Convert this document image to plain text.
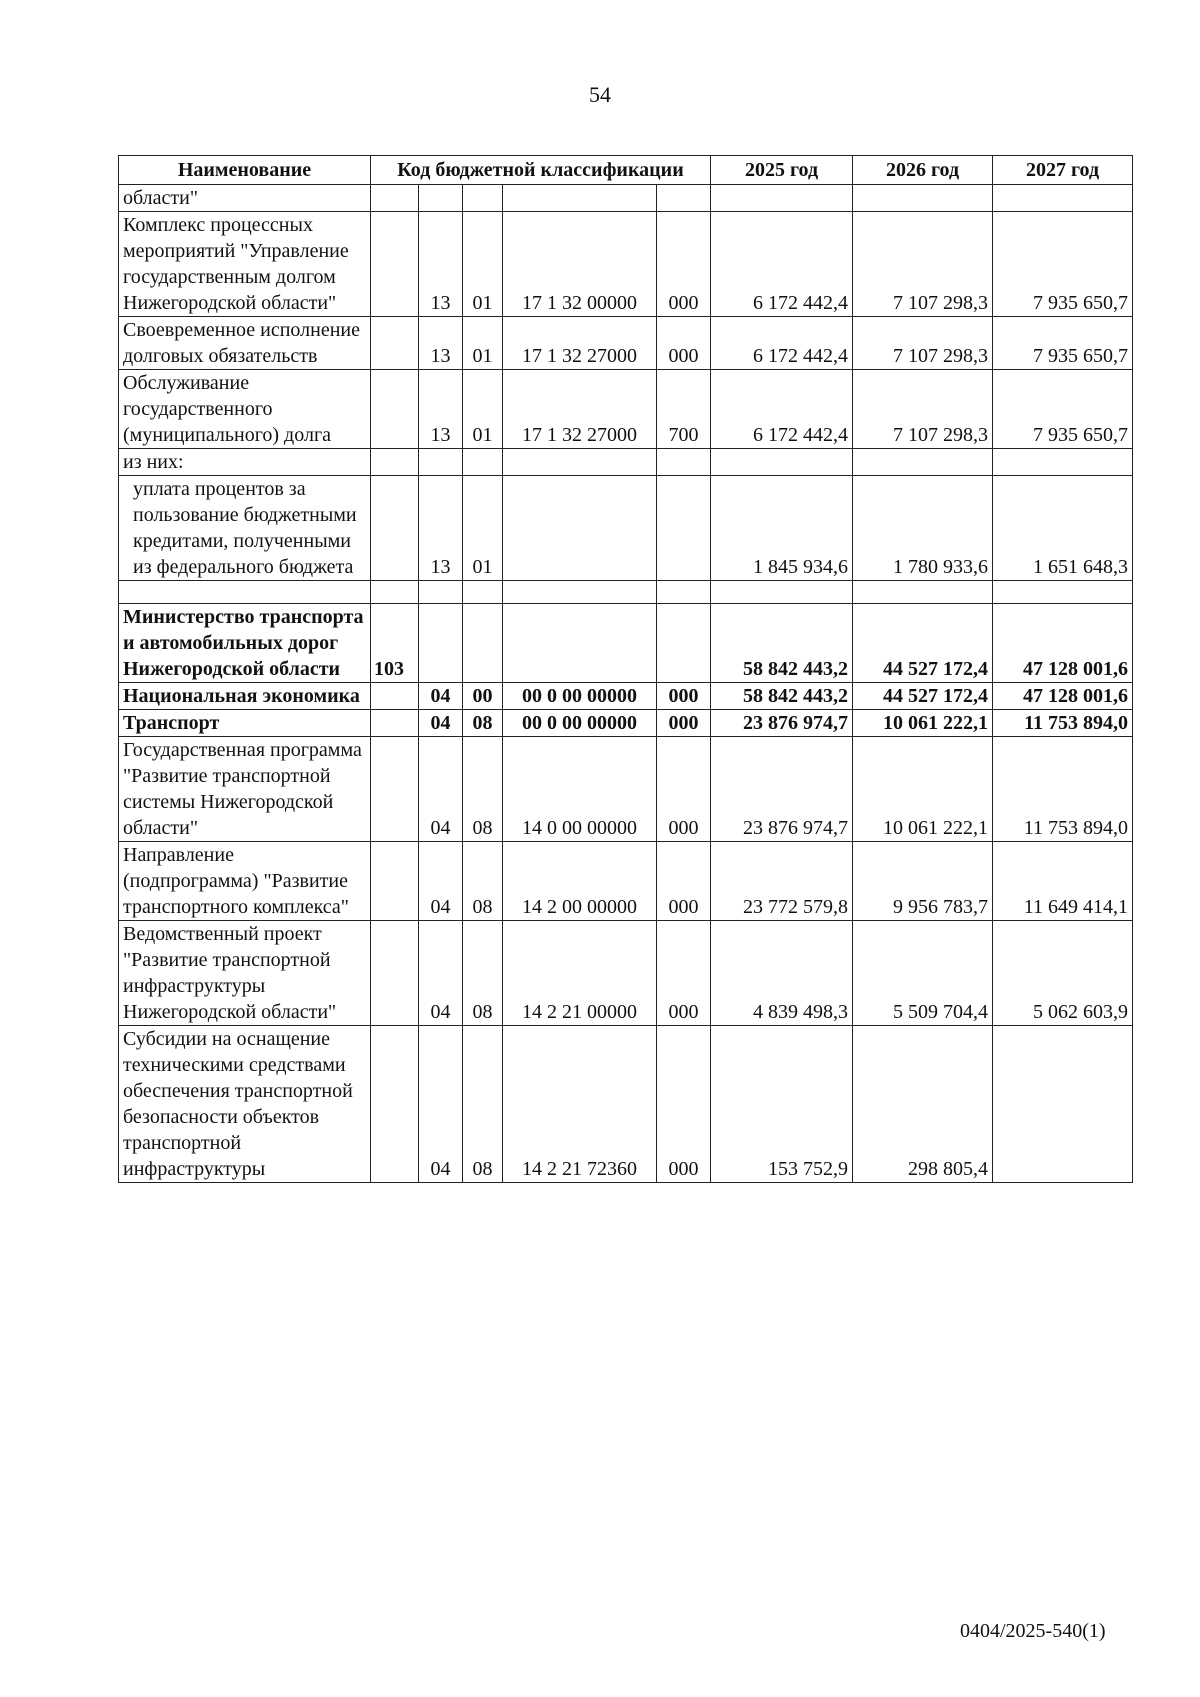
54
Наименование	Код бюджетной классификации					2025 год	2026 год	2027 год
области"								
Комплекс процессных мероприятий "Управление государственным долгом Нижегородской области"		13	01	17 1 32 00000	000	6 172 442,4	7 107 298,3	7 935 650,7
Своевременное исполнение долговых обязательств		13	01	17 1 32 27000	000	6 172 442,4	7 107 298,3	7 935 650,7
Обслуживание государственного (муниципального) долга		13	01	17 1 32 27000	700	6 172 442,4	7 107 298,3	7 935 650,7
из них:								
уплата процентов за пользование бюджетными кредитами, полученными из федерального бюджета		13	01			1 845 934,6	1 780 933,6	1 651 648,3

Министерство транспорта и автомобильных дорог Нижегородской области	103					58 842 443,2	44 527 172,4	47 128 001,6
Национальная экономика		04	00	00 0 00 00000	000	58 842 443,2	44 527 172,4	47 128 001,6
Транспорт		04	08	00 0 00 00000	000	23 876 974,7	10 061 222,1	11 753 894,0
Государственная программа "Развитие транспортной системы Нижегородской области"		04	08	14 0 00 00000	000	23 876 974,7	10 061 222,1	11 753 894,0
Направление (подпрограмма) "Развитие транспортного комплекса"		04	08	14 2 00 00000	000	23 772 579,8	9 956 783,7	11 649 414,1
Ведомственный проект "Развитие транспортной инфраструктуры Нижегородской области"		04	08	14 2 21 00000	000	4 839 498,3	5 509 704,4	5 062 603,9
Субсидии на оснащение техническими средствами обеспечения транспортной безопасности объектов транспортной инфраструктуры		04	08	14 2 21 72360	000	153 752,9	298 805,4	
0404/2025-540(1)
